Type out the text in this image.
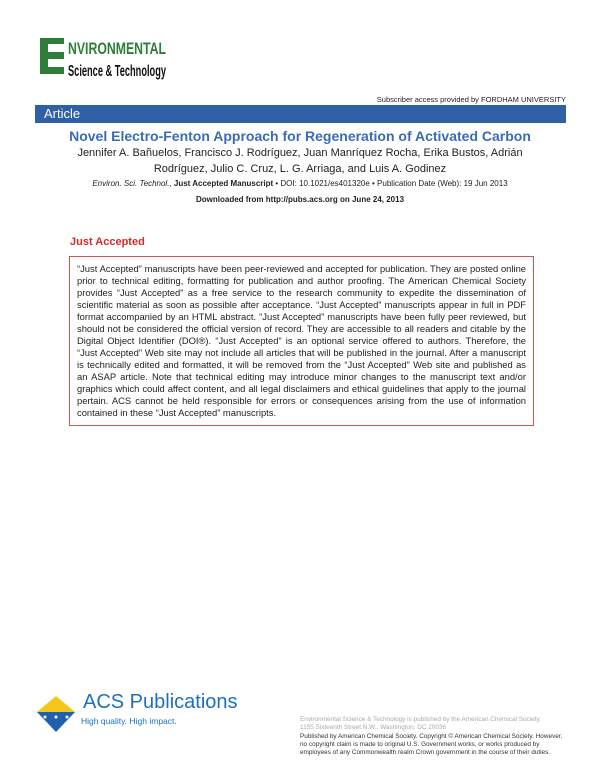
NVIRONMENTAL
Science & Technology
Subscriber access provided by FORDHAM UNIVERSITY
Article
Novel Electro-Fenton Approach for Regeneration of Activated Carbon
Jennifer A. Bañuelos, Francisco J. Rodríguez, Juan Manríquez Rocha, Erika Bustos, Adrián Rodríguez, Julio C. Cruz, L. G. Arriaga, and Luis A. Godinez
Environ. Sci. Technol., Just Accepted Manuscript • DOI: 10.1021/es401320e • Publication Date (Web): 19 Jun 2013
Downloaded from http://pubs.acs.org on June 24, 2013
Just Accepted
“Just Accepted” manuscripts have been peer-reviewed and accepted for publication. They are posted online prior to technical editing, formatting for publication and author proofing. The American Chemical Society provides “Just Accepted” as a free service to the research community to expedite the dissemination of scientific material as soon as possible after acceptance. “Just Accepted” manuscripts appear in full in PDF format accompanied by an HTML abstract. “Just Accepted” manuscripts have been fully peer reviewed, but should not be considered the official version of record. They are accessible to all readers and citable by the Digital Object Identifier (DOI®). “Just Accepted” is an optional service offered to authors. Therefore, the “Just Accepted” Web site may not include all articles that will be published in the journal. After a manuscript is technically edited and formatted, it will be removed from the “Just Accepted” Web site and published as an ASAP article. Note that technical editing may introduce minor changes to the manuscript text and/or graphics which could affect content, and all legal disclaimers and ethical guidelines that apply to the journal pertain. ACS cannot be held responsible for errors or consequences arising from the use of information contained in these “Just Accepted” manuscripts.
ACS Publications
High quality. High impact.	Environmental Science & Technology is published by the American Chemical Society.
1155 Sixteenth Street N.W., Washington, DC 20036
Published by American Chemical Society. Copyright © American Chemical Society. However, no copyright claim is made to original U.S. Government works, or works produced by employees of any Commonwealth realm Crown government in the course of their duties.
